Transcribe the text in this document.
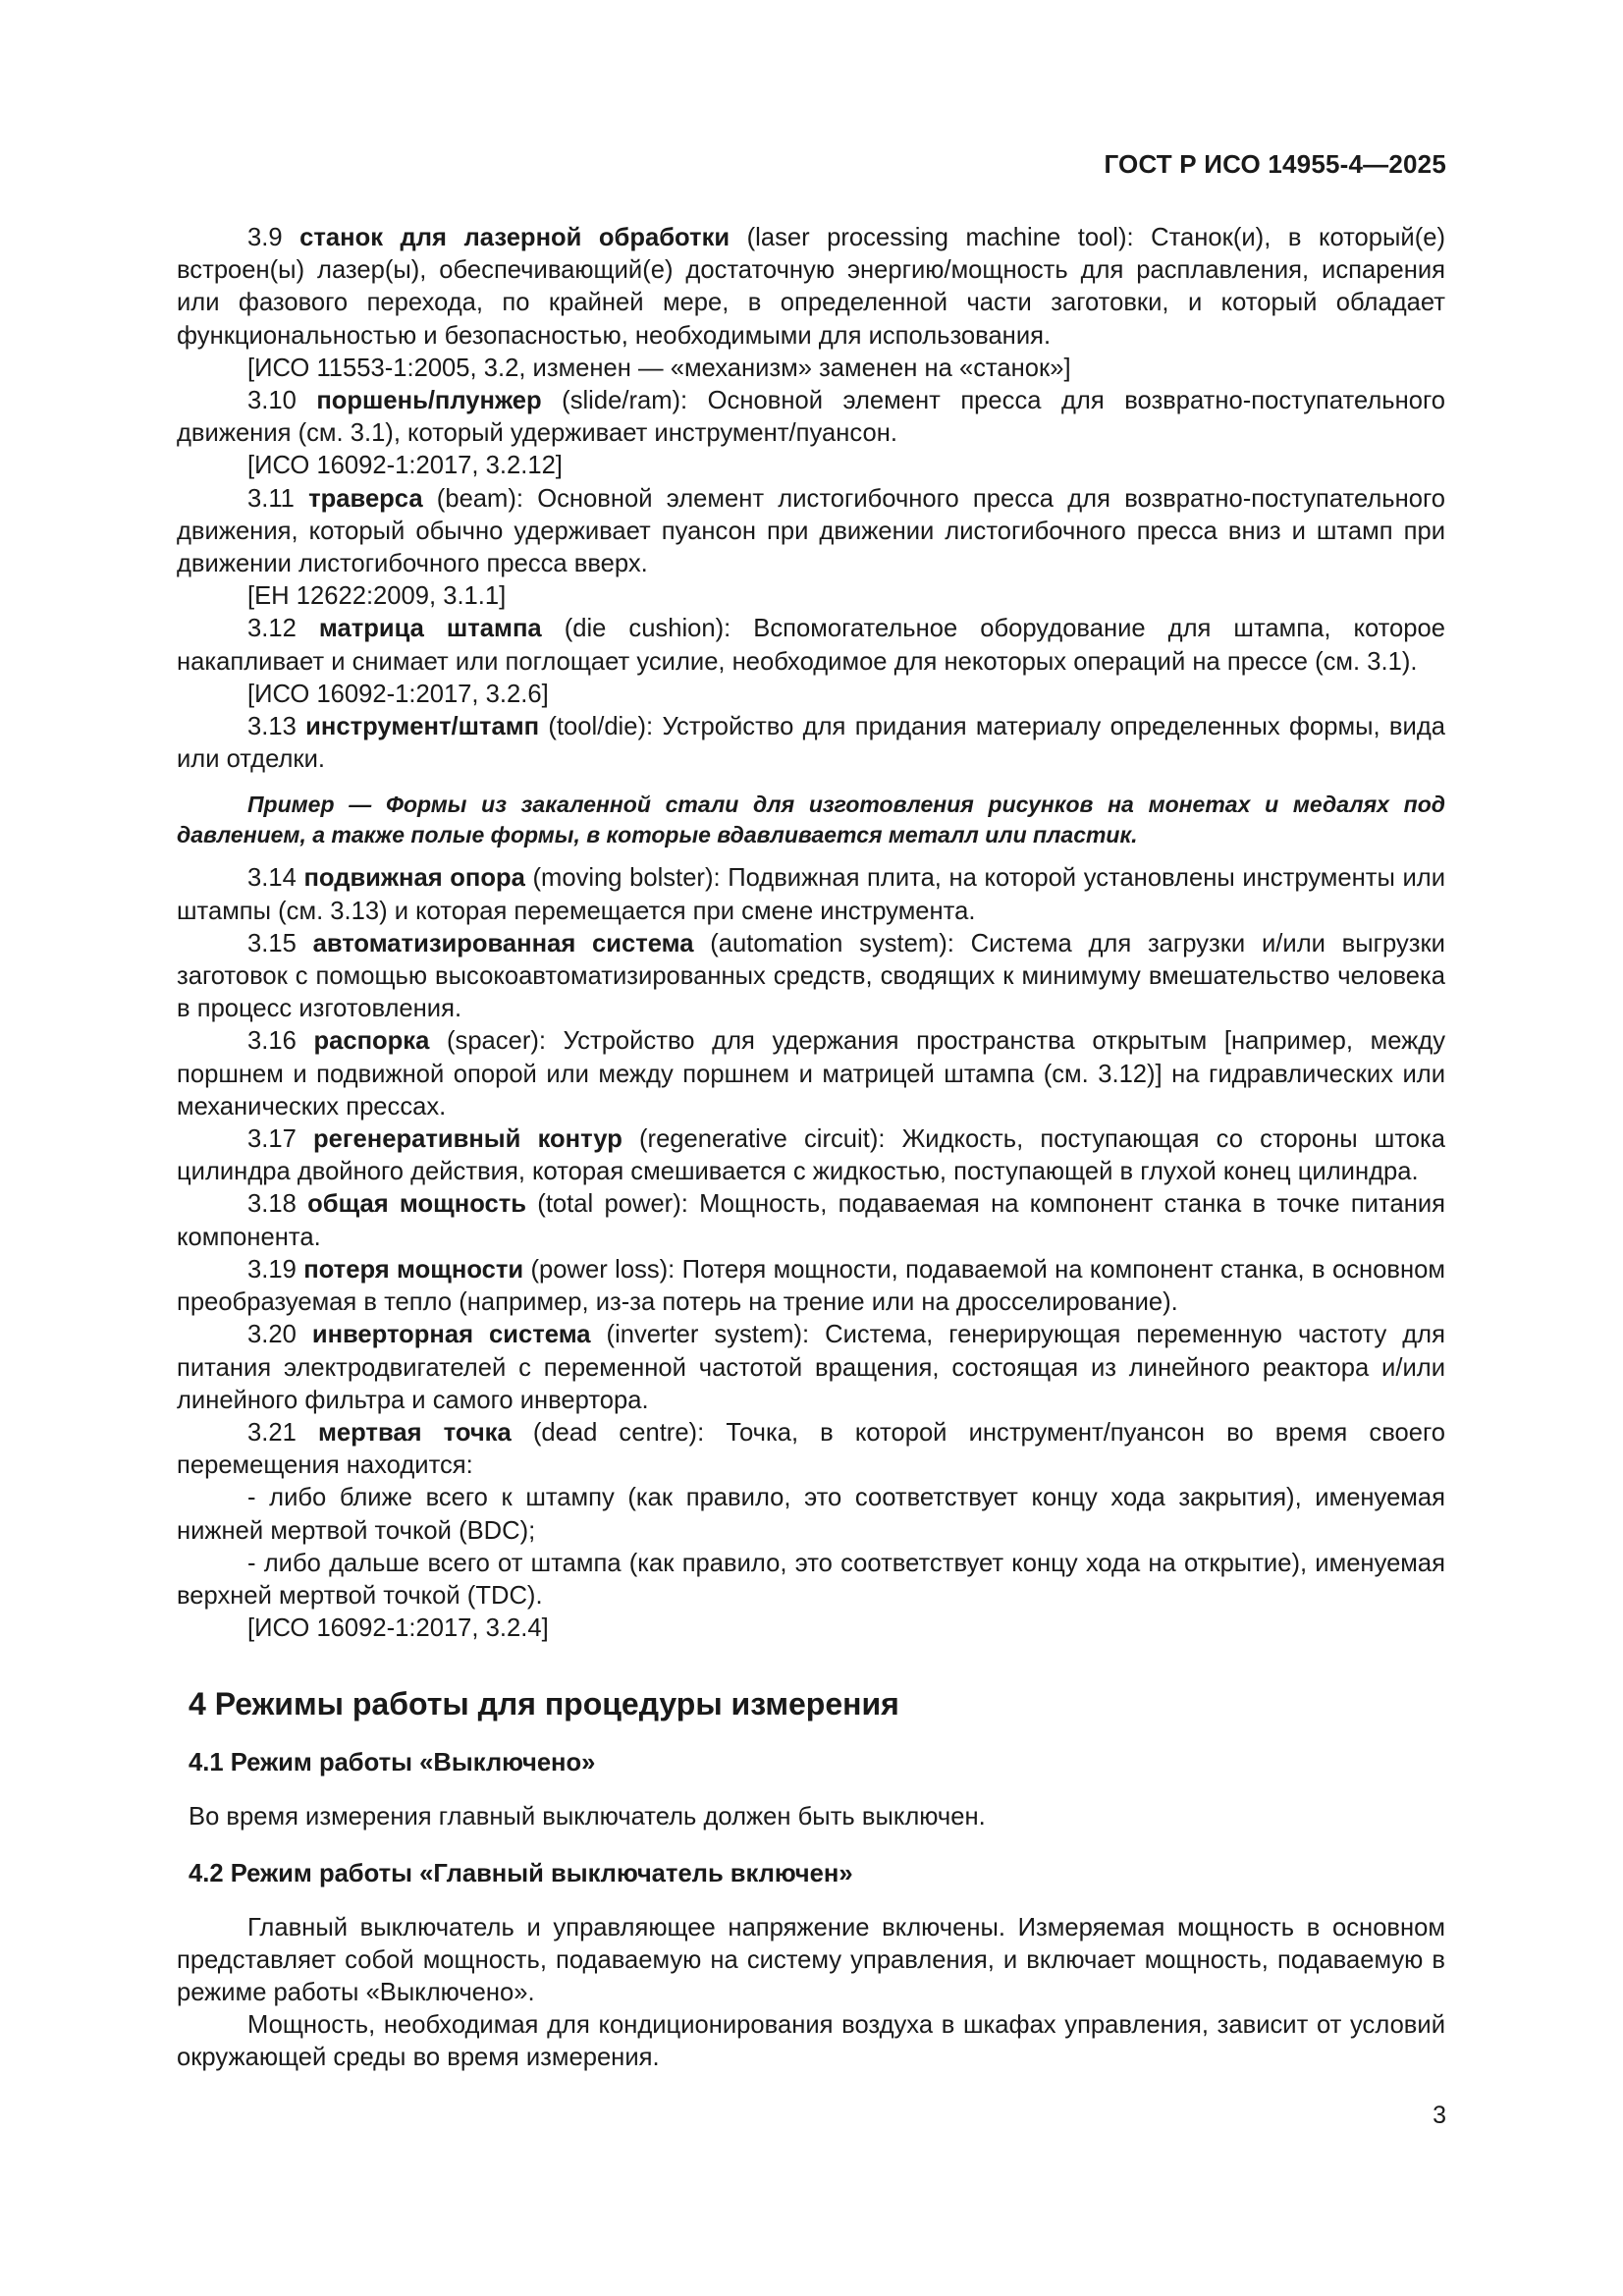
ГОСТ Р ИСО 14955-4—2025

3.9 станок для лазерной обработки (laser processing machine tool): Станок(и), в который(е) встроен(ы) лазер(ы), обеспечивающий(е) достаточную энергию/мощность для расплавления, испарения или фазового перехода, по крайней мере, в определенной части заготовки, и который обладает функциональностью и безопасностью, необходимыми для использования.

[ИСО 11553-1:2005, 3.2, изменен — «механизм» заменен на «станок»]

3.10 поршень/плунжер (slide/ram): Основной элемент пресса для возвратно-поступательного движения (см. 3.1), который удерживает инструмент/пуансон.

[ИСО 16092-1:2017, 3.2.12]

3.11 траверса (beam): Основной элемент листогибочного пресса для возвратно-поступательного движения, который обычно удерживает пуансон при движении листогибочного пресса вниз и штамп при движении листогибочного пресса вверх.

[ЕН 12622:2009, 3.1.1]

3.12 матрица штампа (die cushion): Вспомогательное оборудование для штампа, которое накапливает и снимает или поглощает усилие, необходимое для некоторых операций на прессе (см. 3.1).

[ИСО 16092-1:2017, 3.2.6]

3.13 инструмент/штамп (tool/die): Устройство для придания материалу определенных формы, вида или отделки.

Пример — Формы из закаленной стали для изготовления рисунков на монетах и медалях под давлением, а также полые формы, в которые вдавливается металл или пластик.

3.14 подвижная опора (moving bolster): Подвижная плита, на которой установлены инструменты или штампы (см. 3.13) и которая перемещается при смене инструмента.

3.15 автоматизированная система (automation system): Система для загрузки и/или выгрузки заготовок с помощью высокоавтоматизированных средств, сводящих к минимуму вмешательство человека в процесс изготовления.

3.16 распорка (spacer): Устройство для удержания пространства открытым [например, между поршнем и подвижной опорой или между поршнем и матрицей штампа (см. 3.12)] на гидравлических или механических прессах.

3.17 регенеративный контур (regenerative circuit): Жидкость, поступающая со стороны штока цилиндра двойного действия, которая смешивается с жидкостью, поступающей в глухой конец цилиндра.

3.18 общая мощность (total power): Мощность, подаваемая на компонент станка в точке питания компонента.

3.19 потеря мощности (power loss): Потеря мощности, подаваемой на компонент станка, в основном преобразуемая в тепло (например, из-за потерь на трение или на дросселирование).

3.20 инверторная система (inverter system): Система, генерирующая переменную частоту для питания электродвигателей с переменной частотой вращения, состоящая из линейного реактора и/или линейного фильтра и самого инвертора.

3.21 мертвая точка (dead centre): Точка, в которой инструмент/пуансон во время своего перемещения находится:

- либо ближе всего к штампу (как правило, это соответствует концу хода закрытия), именуемая нижней мертвой точкой (BDC);

- либо дальше всего от штампа (как правило, это соответствует концу хода на открытие), именуемая верхней мертвой точкой (TDC).

[ИСО 16092-1:2017, 3.2.4]

4 Режимы работы для процедуры измерения
4.1 Режим работы «Выключено»

Во время измерения главный выключатель должен быть выключен.

4.2 Режим работы «Главный выключатель включен»

Главный выключатель и управляющее напряжение включены. Измеряемая мощность в основном представляет собой мощность, подаваемую на систему управления, и включает мощность, подаваемую в режиме работы «Выключено».

Мощность, необходимая для кондиционирования воздуха в шкафах управления, зависит от условий окружающей среды во время измерения.

3
